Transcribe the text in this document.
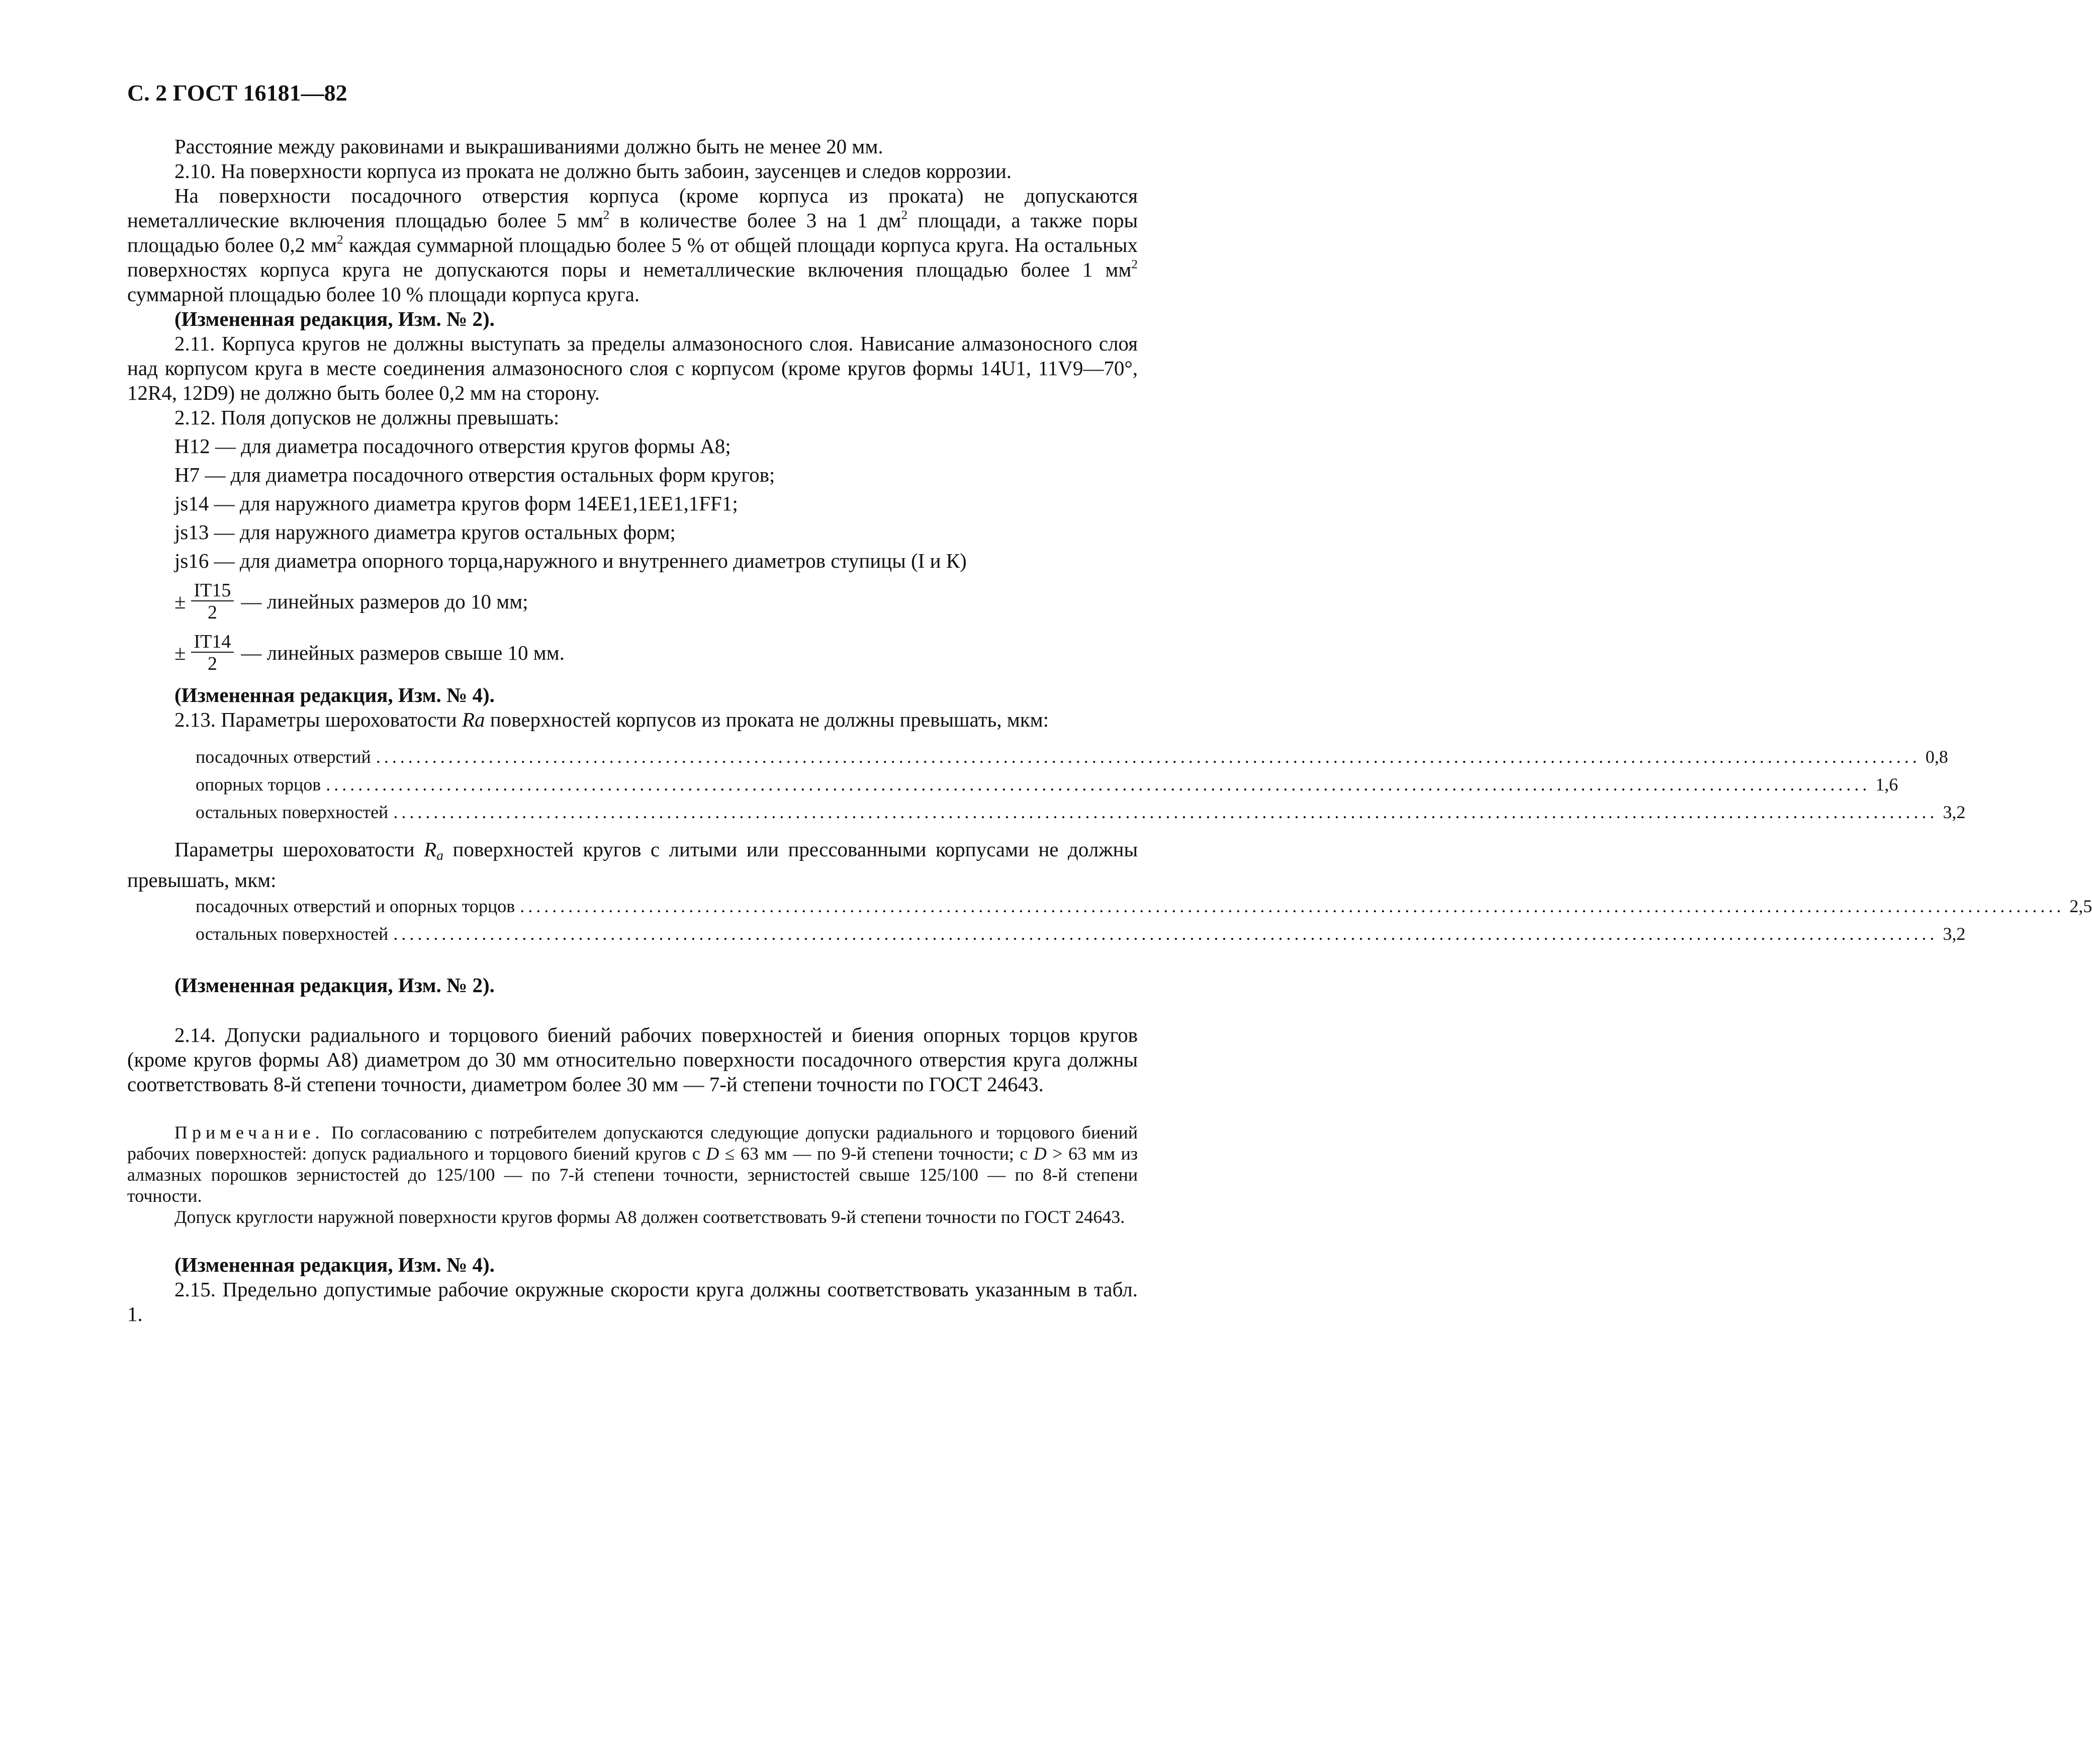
С. 2 ГОСТ 16181—82

Расстояние между раковинами и выкрашиваниями должно быть не менее 20 мм.

2.10. На поверхности корпуса из проката не должно быть забоин, заусенцев и следов коррозии.

На поверхности посадочного отверстия корпуса (кроме корпуса из проката) не допускаются неметаллические включения площадью более 5 $мм^2$ в количестве более 3 на 1 $дм^2$ площади, а также поры площадью более 0,2 $мм^2$ каждая суммарной площадью более 5 % от общей площади корпуса круга. На остальных поверхностях корпуса круга не допускаются поры и неметаллические включения площадью более 1 $мм^2$ суммарной площадью более 10 % площади корпуса круга.

(Измененная редакция, Изм. № 2).

2.11. Корпуса кругов не должны выступать за пределы алмазоносного слоя. Нависание алмазоносного слоя над корпусом круга в месте соединения алмазоносного слоя с корпусом (кроме кругов формы 14U1, 11V9—70°, 12R4, 12D9) не должно быть более 0,2 мм на сторону.

2.12. Поля допусков не должны превышать:

Н12 — для диаметра посадочного отверстия кругов формы А8;
Н7 — для диаметра посадочного отверстия остальных форм кругов;
js14 — для наружного диаметра кругов форм 14ЕЕ1,1ЕЕ1,1FF1;
js13 — для наружного диаметра кругов остальных форм;
js16 — для диаметра опорного торца,наружного и внутреннего диаметров ступицы (I и К)
± $\frac{IT15}{2}$ — линейных размеров до 10 мм;
± $\frac{IT14}{2}$ — линейных размеров свыше 10 мм.

(Измененная редакция, Изм. № 4).

2.13. Параметры шероховатости Ra поверхностей корпусов из проката не должны превышать, мкм:

посадочных отверстий ................................................................................................................................................................................................ 0,8
опорных торцов ................................................................................................................................................................................................ 1,6
остальных поверхностей ................................................................................................................................................................................................ 3,2

Параметры шероховатости $R_a$ поверхностей кругов с литыми или прессованными корпусами не должны превышать, мкм:

посадочных отверстий и опорных торцов ................................................................................................................................................................................................ 2,5
остальных поверхностей ................................................................................................................................................................................................ 3,2

(Измененная редакция, Изм. № 2).

2.14. Допуски радиального и торцового биений рабочих поверхностей и биения опорных торцов кругов (кроме кругов формы А8) диаметром до 30 мм относительно поверхности посадочного отверстия круга должны соответствовать 8-й степени точности, диаметром более 30 мм — 7-й степени точности по ГОСТ 24643.

Примечание. По согласованию с потребителем допускаются следующие допуски радиального и торцового биений рабочих поверхностей: допуск радиального и торцового биений кругов с D ≤ 63 мм — по 9-й степени точности; с D > 63 мм из алмазных порошков зернистостей до 125/100 — по 7-й степени точности, зернистостей свыше 125/100 — по 8-й степени точности.

Допуск круглости наружной поверхности кругов формы А8 должен соответствовать 9-й степени точности по ГОСТ 24643.

(Измененная редакция, Изм. № 4).

2.15. Предельно допустимые рабочие окружные скорости круга должны соответствовать указанным в табл. 1.
